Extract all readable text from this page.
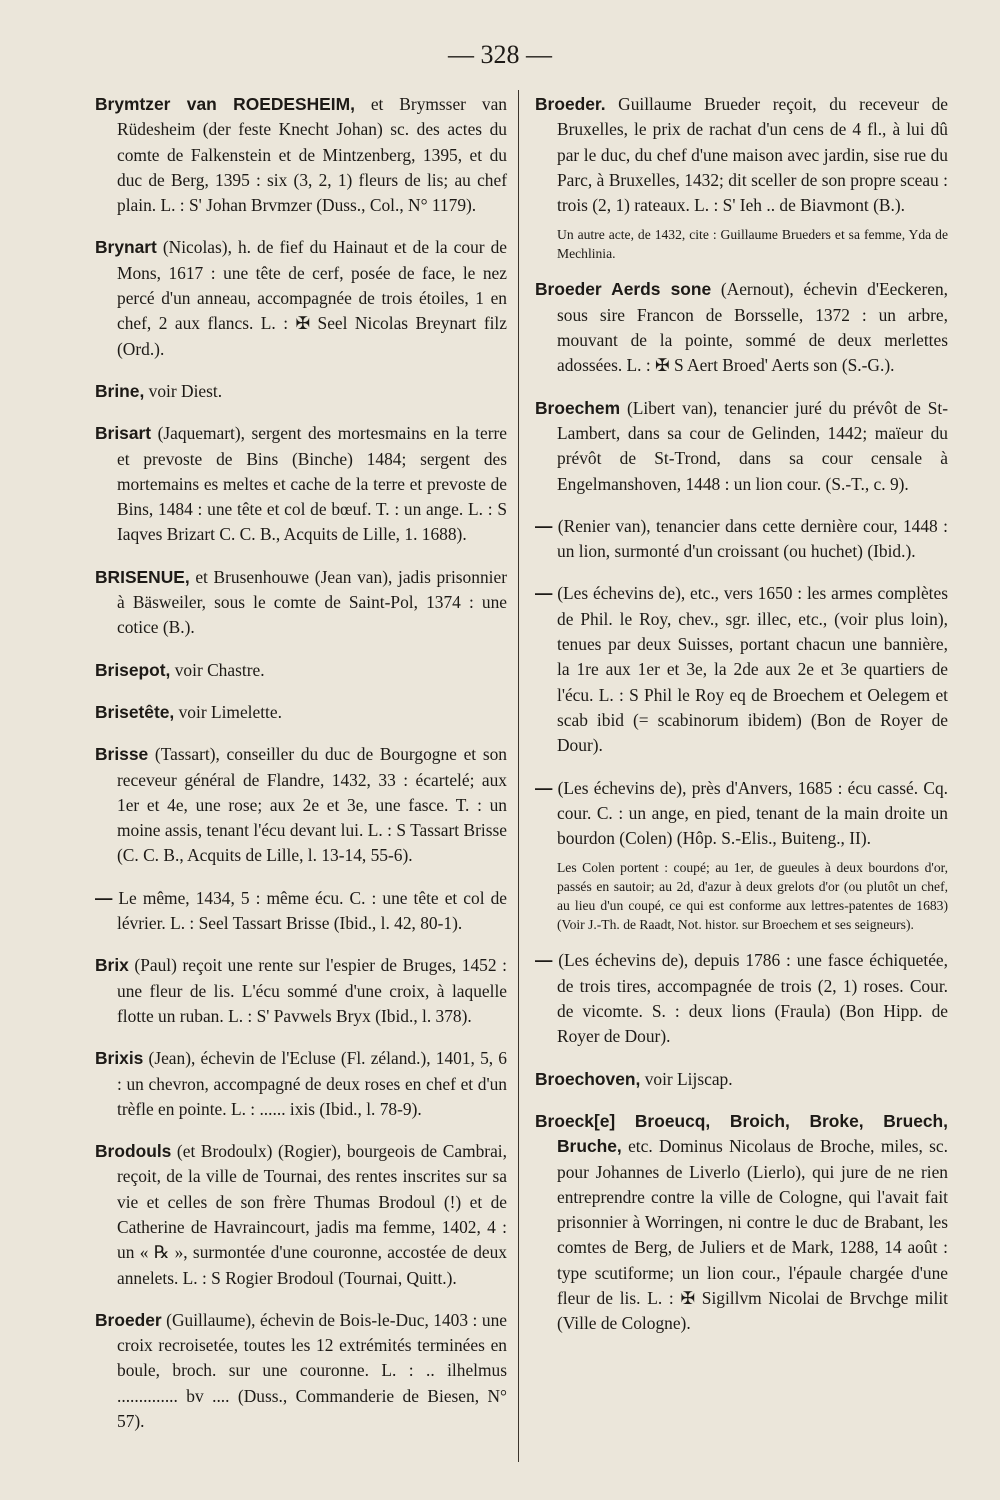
— 328 —

Brymtzer van ROEDESHEIM, et Brymsser van Rüdesheim (der feste Knecht Johan) sc. des actes du comte de Falkenstein et de Mintzenberg, 1395, et du duc de Berg, 1395 : six (3, 2, 1) fleurs de lis; au chef plain. L. : S' Johan Brvmzer (Duss., Col., N° 1179).

Brynart (Nicolas), h. de fief du Hainaut et de la cour de Mons, 1617 : une tête de cerf, posée de face, le nez percé d'un anneau, accompagnée de trois étoiles, 1 en chef, 2 aux flancs. L. : ✠ Seel Nicolas Breynart filz (Ord.).

Brine, voir Diest.

Brisart (Jaquemart), sergent des mortesmains en la terre et prevoste de Bins (Binche) 1484; sergent des mortemains es meltes et cache de la terre et prevoste de Bins, 1484 : une tête et col de bœuf. T. : un ange. L. : S Iaqves Brizart C. C. B., Acquits de Lille, 1. 1688).

BRISENUE, et Brusenhouwe (Jean van), jadis prisonnier à Bäsweiler, sous le comte de Saint-Pol, 1374 : une cotice (B.).

Brisepot, voir Chastre.

Brisetête, voir Limelette.

Brisse (Tassart), conseiller du duc de Bourgogne et son receveur général de Flandre, 1432, 33 : écartelé; aux 1er et 4e, une rose; aux 2e et 3e, une fasce. T. : un moine assis, tenant l'écu devant lui. L. : S Tassart Brisse (C. C. B., Acquits de Lille, l. 13-14, 55-6).

— Le même, 1434, 5 : même écu. C. : une tête et col de lévrier. L. : Seel Tassart Brisse (Ibid., l. 42, 80-1).

Brix (Paul) reçoit une rente sur l'espier de Bruges, 1452 : une fleur de lis. L'écu sommé d'une croix, à laquelle flotte un ruban. L. : S' Pavwels Bryx (Ibid., l. 378).

Brixis (Jean), échevin de l'Ecluse (Fl. zéland.), 1401, 5, 6 : un chevron, accompagné de deux roses en chef et d'un trèfle en pointe. L. : ...... ixis (Ibid., l. 78-9).

Brodouls (et Brodoulx) (Rogier), bourgeois de Cambrai, reçoit, de la ville de Tournai, des rentes inscrites sur sa vie et celles de son frère Thumas Brodoul (!) et de Catherine de Havraincourt, jadis ma femme, 1402, 4 : un « ℞ », surmontée d'une couronne, accostée de deux annelets. L. : S Rogier Brodoul (Tournai, Quitt.).

Broeder (Guillaume), échevin de Bois-le-Duc, 1403 : une croix recroisetée, toutes les 12 extrémités terminées en boule, broch. sur une couronne. L. : .. ilhelmus .............. bv .... (Duss., Commanderie de Biesen, N° 57).

Broeder. Guillaume Brueder reçoit, du receveur de Bruxelles, le prix de rachat d'un cens de 4 fl., à lui dû par le duc, du chef d'une maison avec jardin, sise rue du Parc, à Bruxelles, 1432; dit sceller de son propre sceau : trois (2, 1) rateaux. L. : S' Ieh .. de Biavmont (B.).

Un autre acte, de 1432, cite : Guillaume Brueders et sa femme, Yda de Mechlinia.

Broeder Aerds sone (Aernout), échevin d'Eeckeren, sous sire Francon de Borsselle, 1372 : un arbre, mouvant de la pointe, sommé de deux merlettes adossées. L. : ✠ S Aert Broed' Aerts son (S.-G.).

Broechem (Libert van), tenancier juré du prévôt de St-Lambert, dans sa cour de Gelinden, 1442; maïeur du prévôt de St-Trond, dans sa cour censale à Engelmanshoven, 1448 : un lion cour. (S.-T., c. 9).

— (Renier van), tenancier dans cette dernière cour, 1448 : un lion, surmonté d'un croissant (ou huchet) (Ibid.).

— (Les échevins de), etc., vers 1650 : les armes complètes de Phil. le Roy, chev., sgr. illec, etc., (voir plus loin), tenues par deux Suisses, portant chacun une bannière, la 1re aux 1er et 3e, la 2de aux 2e et 3e quartiers de l'écu. L. : S Phil le Roy eq de Broechem et Oelegem et scab ibid (= scabinorum ibidem) (Bon de Royer de Dour).

— (Les échevins de), près d'Anvers, 1685 : écu cassé. Cq. cour. C. : un ange, en pied, tenant de la main droite un bourdon (Colen) (Hôp. S.-Elis., Buiteng., II).

Les Colen portent : coupé; au 1er, de gueules à deux bourdons d'or, passés en sautoir; au 2d, d'azur à deux grelots d'or (ou plutôt un chef, au lieu d'un coupé, ce qui est conforme aux lettres-patentes de 1683) (Voir J.-Th. de Raadt, Not. histor. sur Broechem et ses seigneurs).

— (Les échevins de), depuis 1786 : une fasce échiquetée, de trois tires, accompagnée de trois (2, 1) roses. Cour. de vicomte. S. : deux lions (Fraula) (Bon Hipp. de Royer de Dour).

Broechoven, voir Lijscap.

Broeck[e] Broeucq, Broich, Broke, Bruech, Bruche, etc. Dominus Nicolaus de Broche, miles, sc. pour Johannes de Liverlo (Lierlo), qui jure de ne rien entreprendre contre la ville de Cologne, qui l'avait fait prisonnier à Worringen, ni contre le duc de Brabant, les comtes de Berg, de Juliers et de Mark, 1288, 14 août : type scutiforme; un lion cour., l'épaule chargée d'une fleur de lis. L. : ✠ Sigillvm Nicolai de Brvchge milit (Ville de Cologne).
